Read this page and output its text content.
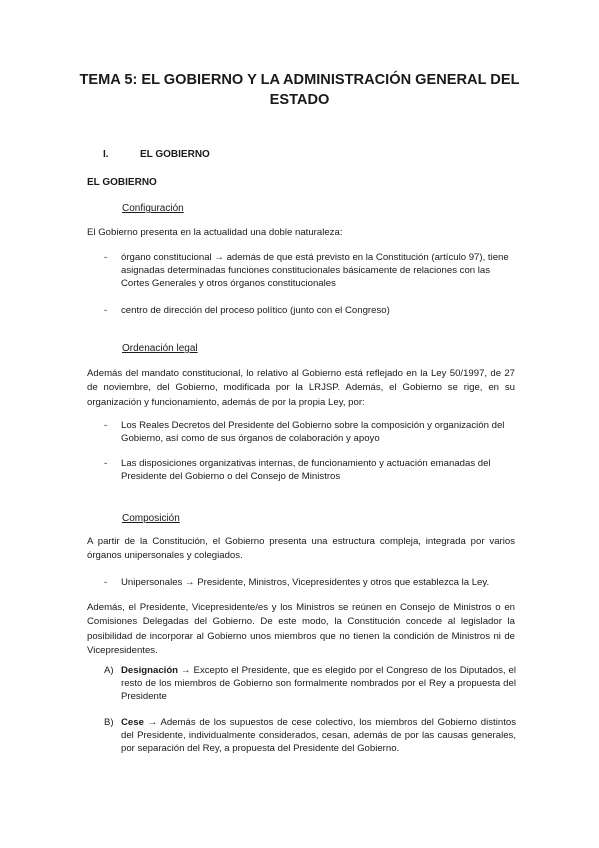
TEMA 5: EL GOBIERNO Y LA ADMINISTRACIÓN GENERAL DEL ESTADO
I.	EL GOBIERNO
EL GOBIERNO
Configuración

El Gobierno presenta en la actualidad una doble naturaleza:

- órgano constitucional → además de que está previsto en la Constitución (artículo 97), tiene asignadas determinadas funciones constitucionales básicamente de relaciones con las Cortes Generales y otros órganos constitucionales
- centro de dirección del proceso político (junto con el Congreso)
Ordenación legal

Además del mandato constitucional, lo relativo al Gobierno está reflejado en la Ley 50/1997, de 27 de noviembre, del Gobierno, modificada por la LRJSP. Además, el Gobierno se rige, en su organización y funcionamiento, además de por la propia Ley, por:

- Los Reales Decretos del Presidente del Gobierno sobre la composición y organización del Gobierno, así como de sus órganos de colaboración y apoyo
- Las disposiciones organizativas internas, de funcionamiento y actuación emanadas del Presidente del Gobierno o del Consejo de Ministros
Composición

A partir de la Constitución, el Gobierno presenta una estructura compleja, integrada por varios órganos unipersonales y colegiados.

- Unipersonales → Presidente, Ministros, Vicepresidentes y otros que establezca la Ley.

Además, el Presidente, Vicepresidente/es y los Ministros se reúnen en Consejo de Ministros o en Comisiones Delegadas del Gobierno. De este modo, la Constitución concede al legislador la posibilidad de incorporar al Gobierno unos miembros que no tienen la condición de Ministros ni de Vicepresidentes.

A) Designación → Excepto el Presidente, que es elegido por el Congreso de los Diputados, el resto de los miembros de Gobierno son formalmente nombrados por el Rey a propuesta del Presidente
B) Cese → Además de los supuestos de cese colectivo, los miembros del Gobierno distintos del Presidente, individualmente considerados, cesan, además de por las causas generales, por separación del Rey, a propuesta del Presidente del Gobierno.
